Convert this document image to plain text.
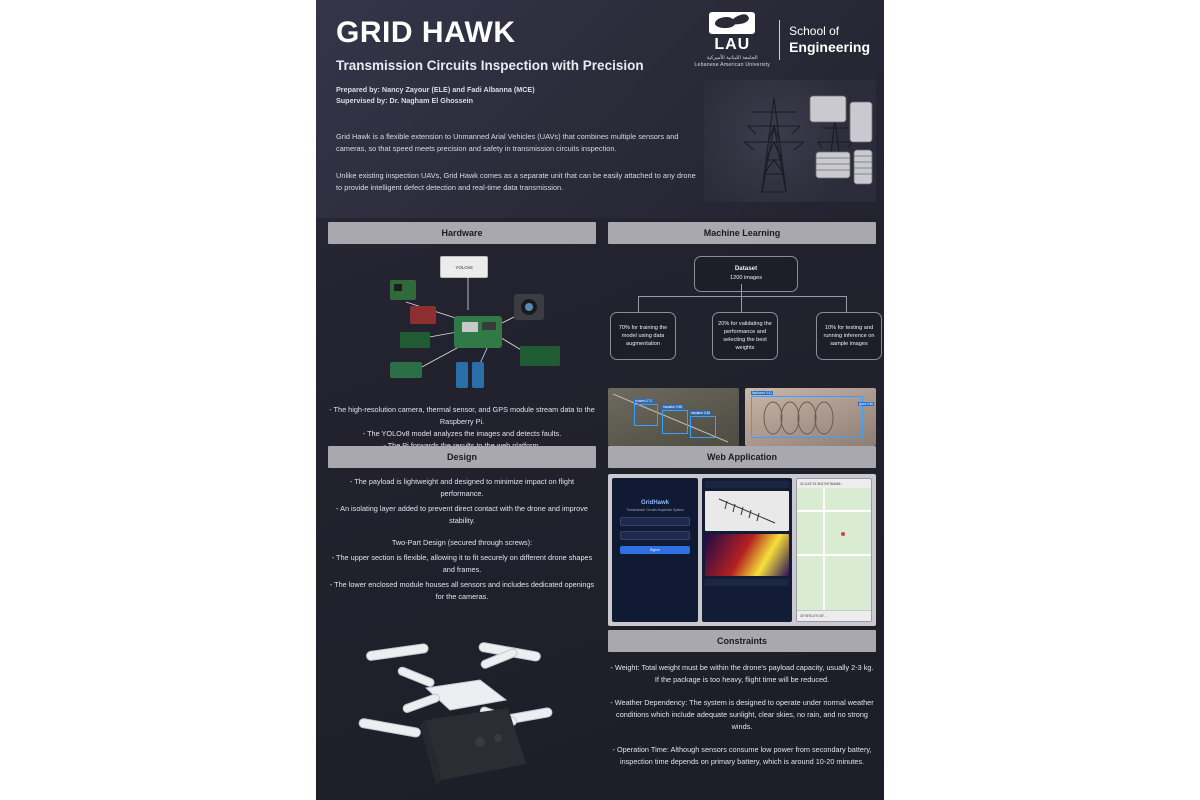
GRID HAWK
Transmission Circuits Inspection with Precision
Prepared by: Nancy Zayour (ELE) and Fadi Albanna (MCE)
Supervised by: Dr. Nagham El Ghossein
Grid Hawk is a flexible extension to Unmanned Arial Vehicles (UAVs) that combines multiple sensors and cameras, so that speed meets precision and safety in transmission circuits inspection.
Unlike existing inspection UAVs, Grid Hawk comes as a separate unit that can be easily attached to any drone to provide intelligent defect detection and real-time data transmission.
LAU
الجامعة اللبنانية الأميركية
Lebanese American University
School of
Engineering
Hardware
YOLOv8
- The high-resolution camera, thermal sensor, and GPS module stream data to the Raspberry Pi.
- The YOLOv8 model analyzes the images and detects faults.
Machine Learning
Dataset
1200 images
70% for training the model using data augmentation
20% for validating the performance and selecting the best weights
10% for testing and running inference on sample images
broken 0.71
insulator 0.89
insulator 0.82
flashover 0.41
good 0.86
Design
- The payload is lightweight and designed to minimize impact on flight performance.
- An isolating layer added to prevent direct contact with the drone and improve stability.
Two-Part Design (secured through screws):
- The upper section is flexible, allowing it to fit securely on different drone shapes and frames.
- The lower enclosed module houses all sensors and includes dedicated openings for the cameras.
Web Application
GridHawk
Transmission Circuits Inspection System
Sign in
34.1143°15.35.67e5°36a666...
34°06'51.6"N 35°...
Constraints
- Weight: Total weight must be within the drone's payload capacity, usually 2-3 kg. If the package is too heavy, flight time will be reduced.
- Weather Dependency: The system is designed to operate under normal weather conditions which include adequate sunlight, clear skies, no rain, and no strong winds.
- Operation Time: Although sensors consume low power from secondary battery, inspection time depends on primary battery, which is around 10-20 minutes.
